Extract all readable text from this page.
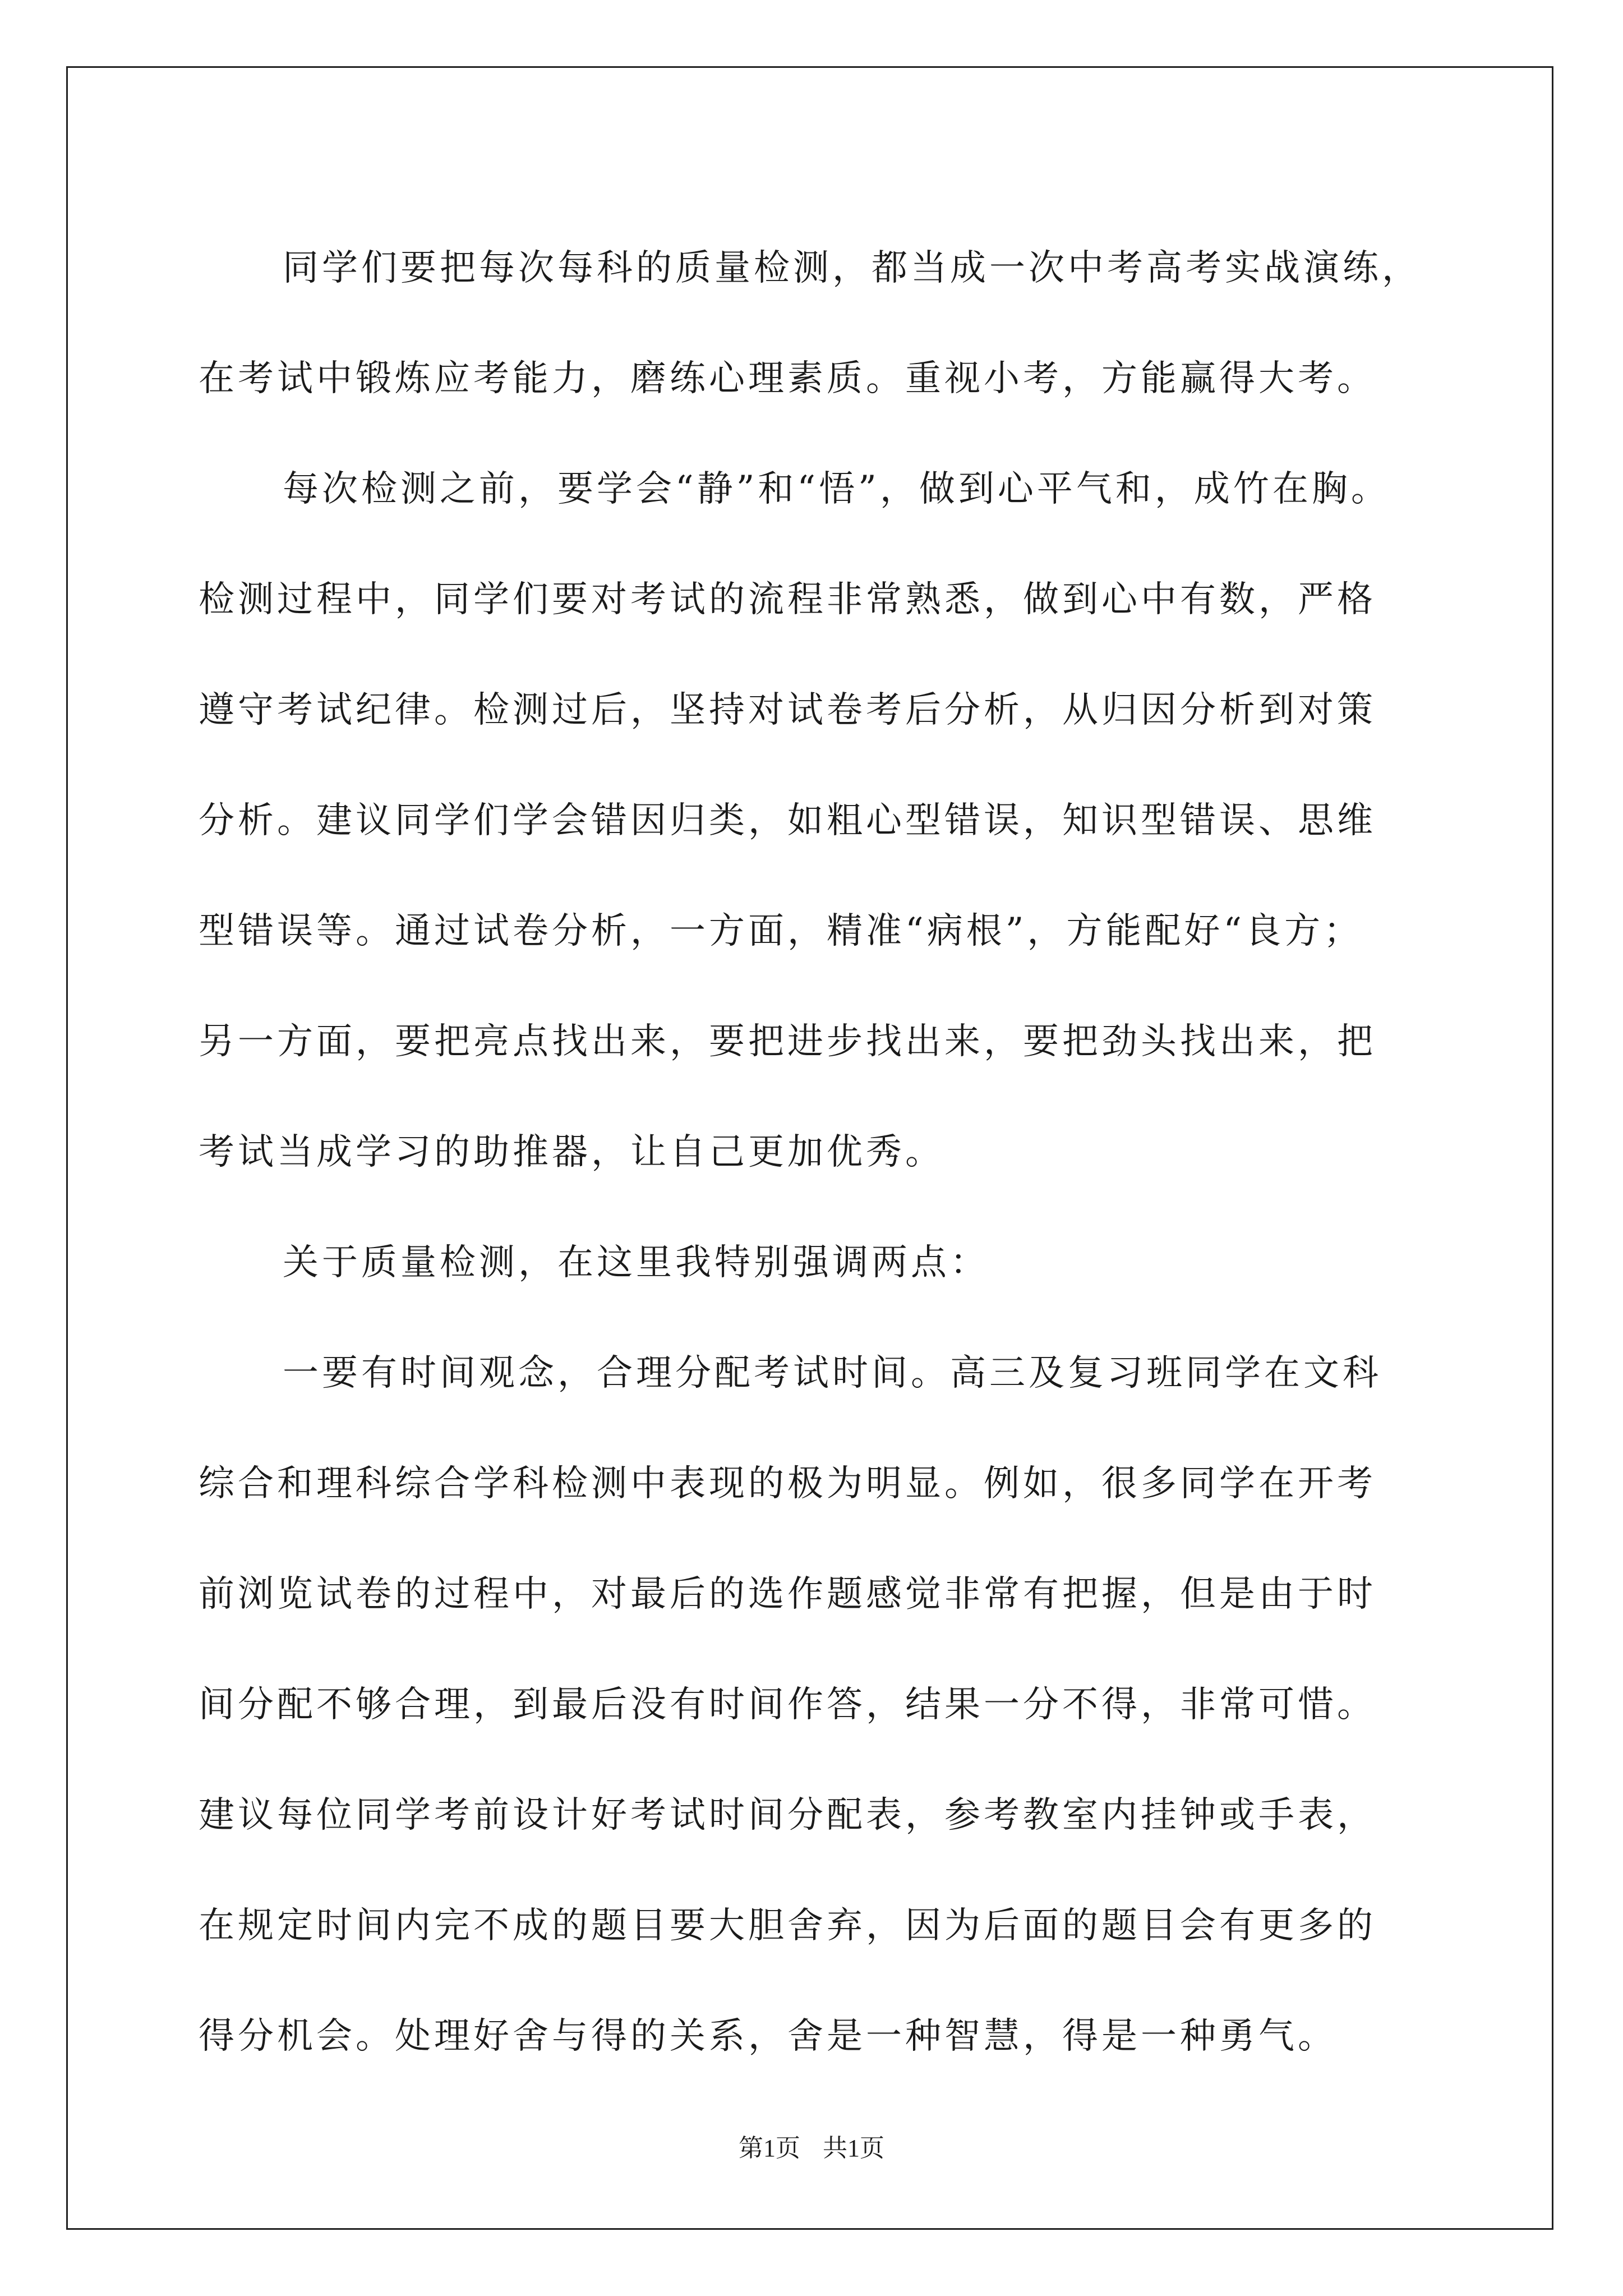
同学们要把每次每科的质量检测，都当成一次中考高考实战演练，
在考试中锻炼应考能力，磨练心理素质。重视小考，方能赢得大考。
每次检测之前，要学会“静”和“悟”，做到心平气和，成竹在胸。
检测过程中，同学们要对考试的流程非常熟悉，做到心中有数，严格
遵守考试纪律。检测过后，坚持对试卷考后分析，从归因分析到对策
分析。建议同学们学会错因归类，如粗心型错误，知识型错误、思维
型错误等。通过试卷分析，一方面，精准“病根”，方能配好“良方；
另一方面，要把亮点找出来，要把进步找出来，要把劲头找出来，把
考试当成学习的助推器，让自己更加优秀。
关于质量检测，在这里我特别强调两点：
一要有时间观念，合理分配考试时间。高三及复习班同学在文科
综合和理科综合学科检测中表现的极为明显。例如，很多同学在开考
前浏览试卷的过程中，对最后的选作题感觉非常有把握，但是由于时
间分配不够合理，到最后没有时间作答，结果一分不得，非常可惜。
建议每位同学考前设计好考试时间分配表，参考教室内挂钟或手表，
在规定时间内完不成的题目要大胆舍弃，因为后面的题目会有更多的
得分机会。处理好舍与得的关系，舍是一种智慧，得是一种勇气。
第1页 共1页
